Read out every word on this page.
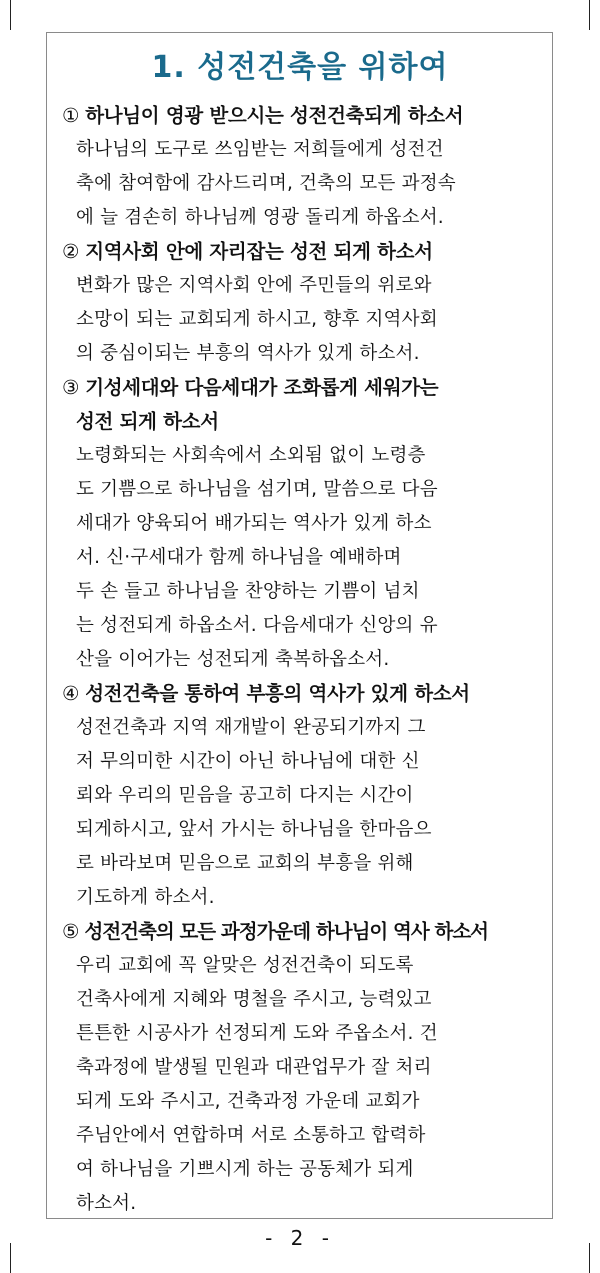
1. 성전건축을 위하여
① 하나님이 영광 받으시는 성전건축되게 하소서
하나님의 도구로 쓰임받는 저희들에게 성전건
축에 참여함에 감사드리며, 건축의 모든 과정속
에 늘 겸손히 하나님께 영광 돌리게 하옵소서.
② 지역사회 안에 자리잡는 성전 되게 하소서
변화가 많은 지역사회 안에 주민들의 위로와
소망이 되는 교회되게 하시고, 향후 지역사회
의 중심이되는 부흥의 역사가 있게 하소서.
③ 기성세대와 다음세대가 조화롭게 세워가는
성전 되게 하소서
노령화되는 사회속에서 소외됨 없이 노령층
도 기쁨으로 하나님을 섬기며, 말씀으로 다음
세대가 양육되어 배가되는 역사가 있게 하소
서. 신·구세대가 함께 하나님을 예배하며
두 손 들고 하나님을 찬양하는 기쁨이 넘치
는 성전되게 하옵소서. 다음세대가 신앙의 유
산을 이어가는 성전되게 축복하옵소서.
④ 성전건축을 통하여 부흥의 역사가 있게 하소서
성전건축과 지역 재개발이 완공되기까지 그
저 무의미한 시간이 아닌 하나님에 대한 신
뢰와 우리의 믿음을 공고히 다지는 시간이
되게하시고, 앞서 가시는 하나님을 한마음으
로 바라보며 믿음으로 교회의 부흥을 위해
기도하게 하소서.
⑤ 성전건축의 모든 과정가운데 하나님이 역사 하소서
우리 교회에 꼭 알맞은 성전건축이 되도록
건축사에게 지혜와 명철을 주시고, 능력있고
튼튼한 시공사가 선정되게 도와 주옵소서. 건
축과정에 발생될 민원과 대관업무가 잘 처리
되게 도와 주시고, 건축과정 가운데 교회가
주님안에서 연합하며 서로 소통하고 합력하
여 하나님을 기쁘시게 하는 공동체가 되게
하소서.
- 2 -
